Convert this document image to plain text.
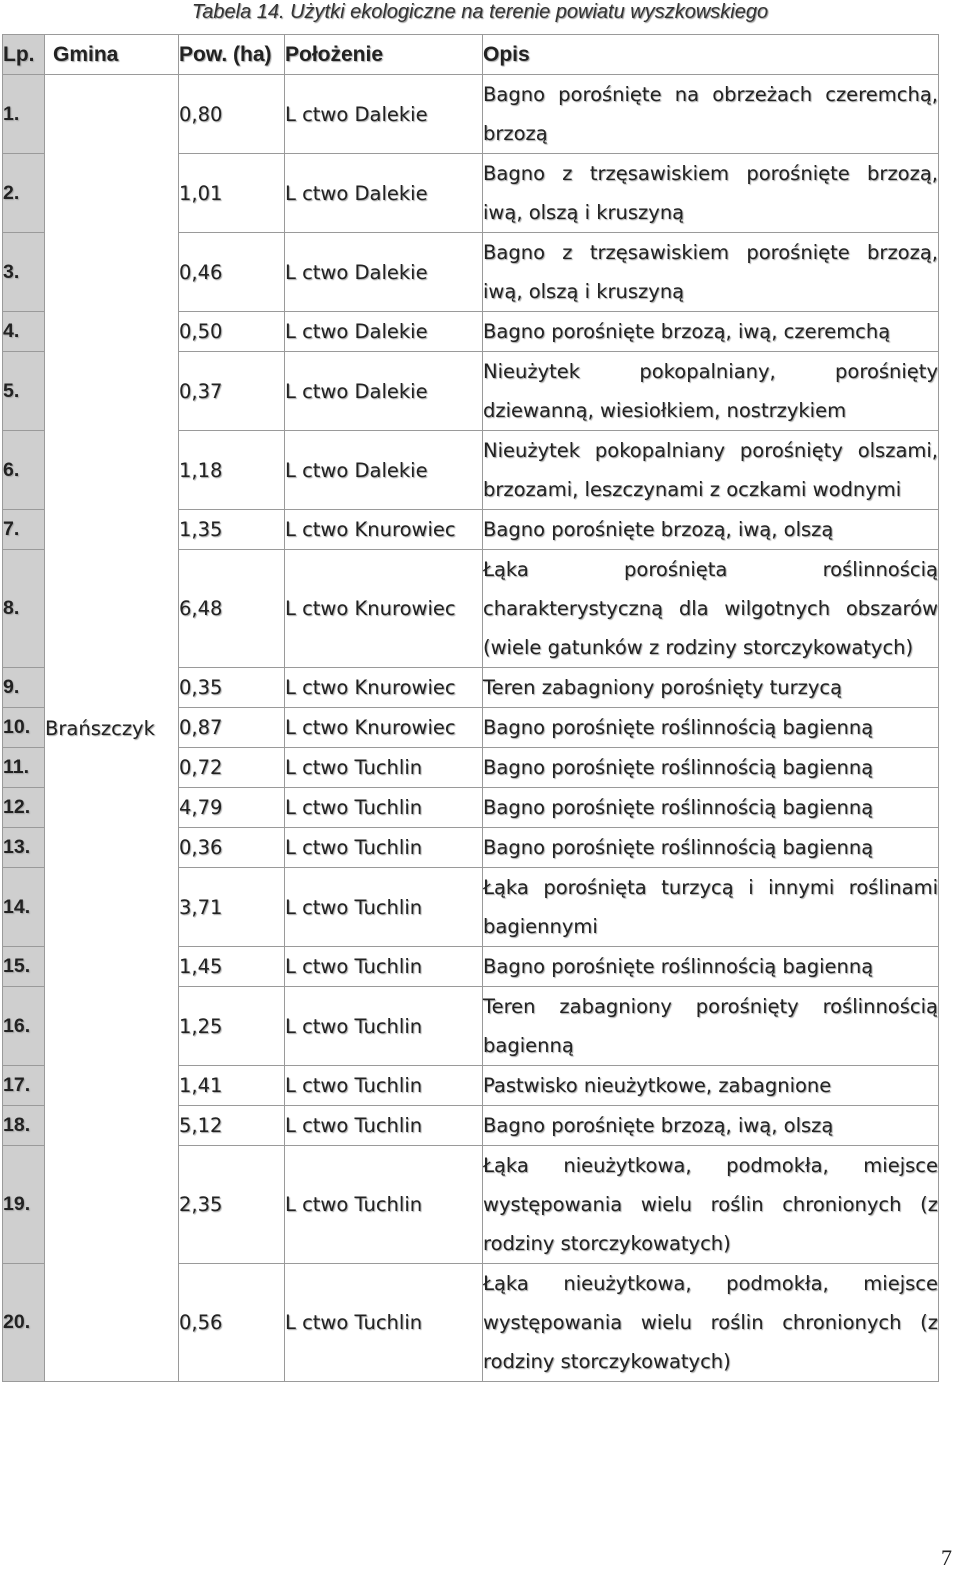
Tabela 14. Użytki ekologiczne na terenie powiatu wyszkowskiego
Lp.	Gmina	Pow. (ha)	Położenie	Opis
1.	Brańszczyk	0,80	L ctwo Dalekie	Bagno porośnięte na obrzeżach czeremchą, brzozą
2.		1,01	L ctwo Dalekie	Bagno z trzęsawiskiem porośnięte brzozą, iwą, olszą i kruszyną
3.		0,46	L ctwo Dalekie	Bagno z trzęsawiskiem porośnięte brzozą, iwą, olszą i kruszyną
4.		0,50	L ctwo Dalekie	Bagno porośnięte brzozą, iwą, czeremchą
5.		0,37	L ctwo Dalekie	Nieużytek pokopalniany, porośnięty dziewanną, wiesiołkiem, nostrzykiem
6.		1,18	L ctwo Dalekie	Nieużytek pokopalniany porośnięty olszami, brzozami, leszczynami z oczkami wodnymi
7.		1,35	L ctwo Knurowiec	Bagno porośnięte brzozą, iwą, olszą
8.		6,48	L ctwo Knurowiec	Łąka porośnięta roślinnością charakterystyczną dla wilgotnych obszarów (wiele gatunków z rodziny storczykowatych)
9.		0,35	L ctwo Knurowiec	Teren zabagniony porośnięty turzycą
10.		0,87	L ctwo Knurowiec	Bagno porośnięte roślinnością bagienną
11.		0,72	L ctwo Tuchlin	Bagno porośnięte roślinnością bagienną
12.		4,79	L ctwo Tuchlin	Bagno porośnięte roślinnością bagienną
13.		0,36	L ctwo Tuchlin	Bagno porośnięte roślinnością bagienną
14.		3,71	L ctwo Tuchlin	Łąka porośnięta turzycą i innymi roślinami bagiennymi
15.		1,45	L ctwo Tuchlin	Bagno porośnięte roślinnością bagienną
16.		1,25	L ctwo Tuchlin	Teren zabagniony porośnięty roślinnością bagienną
17.		1,41	L ctwo Tuchlin	Pastwisko nieużytkowe, zabagnione
18.		5,12	L ctwo Tuchlin	Bagno porośnięte brzozą, iwą, olszą
19.		2,35	L ctwo Tuchlin	Łąka nieużytkowa, podmokła, miejsce występowania wielu roślin chronionych (z rodziny storczykowatych)
20.		0,56	L ctwo Tuchlin	Łąka nieużytkowa, podmokła, miejsce występowania wielu roślin chronionych (z rodziny storczykowatych)
7
